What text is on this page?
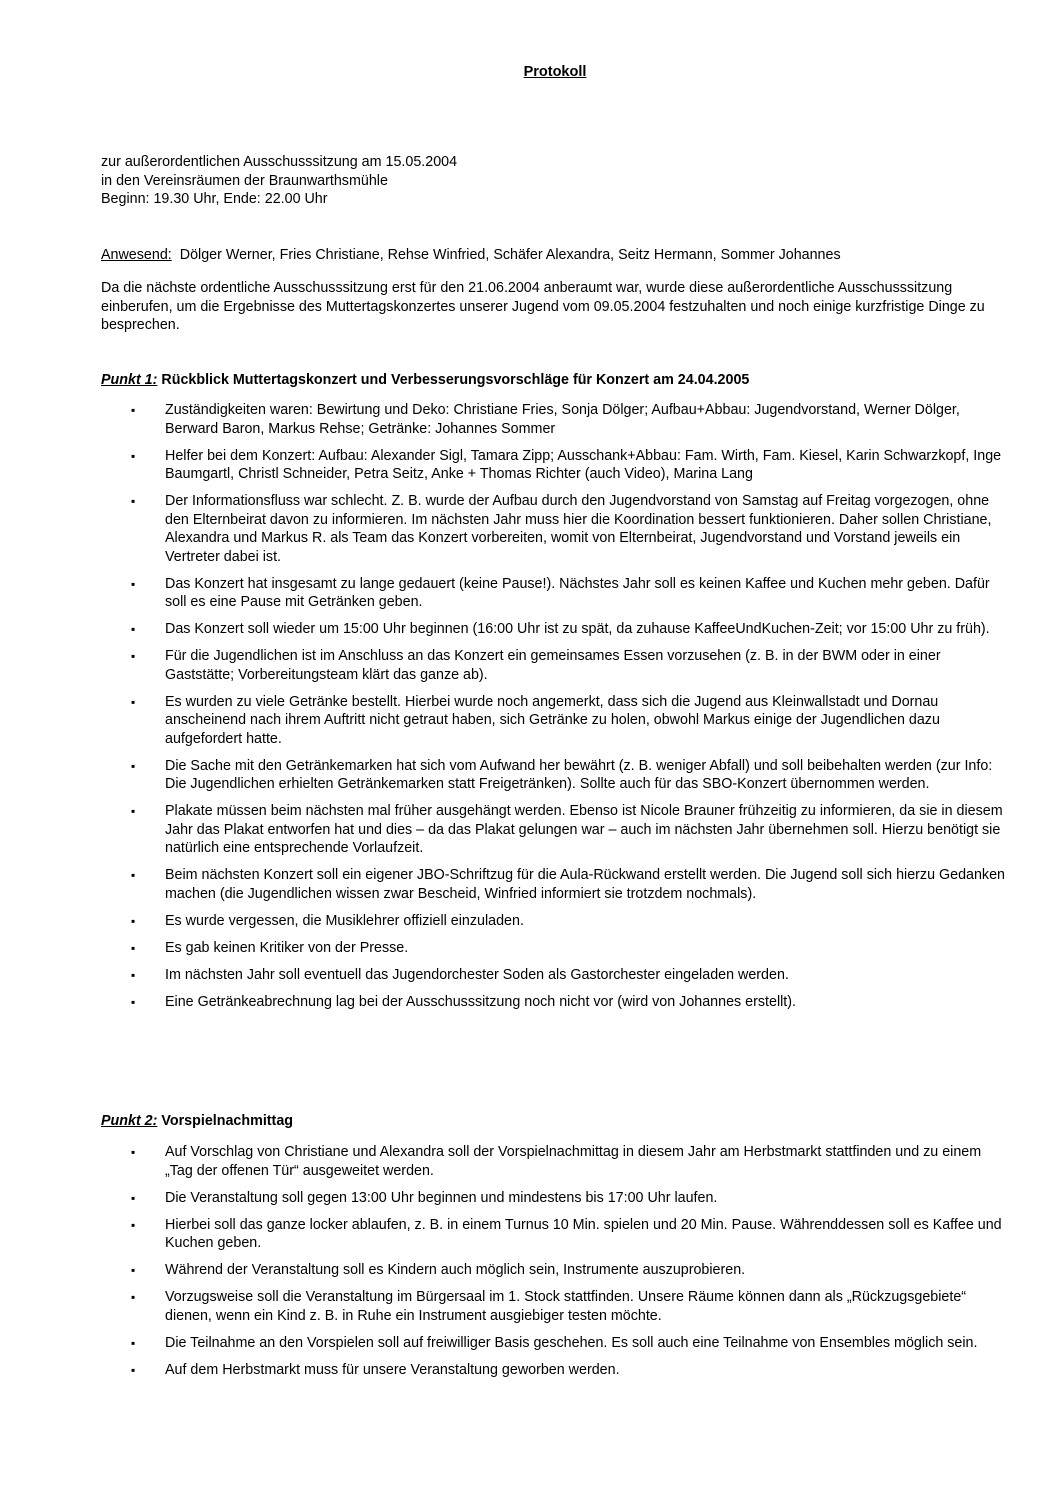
Protokoll
zur außerordentlichen Ausschusssitzung am 15.05.2004
in den Vereinsräumen der Braunwarthsmühle
Beginn: 19.30 Uhr, Ende: 22.00 Uhr
Anwesend: Dölger Werner, Fries Christiane, Rehse Winfried, Schäfer Alexandra, Seitz Hermann, Sommer Johannes
Da die nächste ordentliche Ausschusssitzung erst für den 21.06.2004 anberaumt war, wurde diese außerordentliche Ausschusssitzung einberufen, um die Ergebnisse des Muttertagskonzertes unserer Jugend vom 09.05.2004 festzuhalten und noch einige kurzfristige Dinge zu besprechen.
Punkt 1: Rückblick Muttertagskonzert und Verbesserungsvorschläge für Konzert am 24.04.2005
▪ Zuständigkeiten waren: Bewirtung und Deko: Christiane Fries, Sonja Dölger; Aufbau+Abbau: Jugendvorstand, Werner Dölger, Berward Baron, Markus Rehse; Getränke: Johannes Sommer
▪ Helfer bei dem Konzert: Aufbau: Alexander Sigl, Tamara Zipp; Ausschank+Abbau: Fam. Wirth, Fam. Kiesel, Karin Schwarzkopf, Inge Baumgartl, Christl Schneider, Petra Seitz, Anke + Thomas Richter (auch Video), Marina Lang
▪ Der Informationsfluss war schlecht. Z. B. wurde der Aufbau durch den Jugendvorstand von Samstag auf Freitag vorgezogen, ohne den Elternbeirat davon zu informieren. Im nächsten Jahr muss hier die Koordination bessert funktionieren. Daher sollen Christiane, Alexandra und Markus R. als Team das Konzert vorbereiten, womit von Elternbeirat, Jugendvorstand und Vorstand jeweils ein Vertreter dabei ist.
▪ Das Konzert hat insgesamt zu lange gedauert (keine Pause!). Nächstes Jahr soll es keinen Kaffee und Kuchen mehr geben. Dafür soll es eine Pause mit Getränken geben.
▪ Das Konzert soll wieder um 15:00 Uhr beginnen (16:00 Uhr ist zu spät, da zuhause KaffeeUndKuchen-Zeit; vor 15:00 Uhr zu früh).
▪ Für die Jugendlichen ist im Anschluss an das Konzert ein gemeinsames Essen vorzusehen (z. B. in der BWM oder in einer Gaststätte; Vorbereitungsteam klärt das ganze ab).
▪ Es wurden zu viele Getränke bestellt. Hierbei wurde noch angemerkt, dass sich die Jugend aus Kleinwallstadt und Dornau anscheinend nach ihrem Auftritt nicht getraut haben, sich Getränke zu holen, obwohl Markus einige der Jugendlichen dazu aufgefordert hatte.
▪ Die Sache mit den Getränkemarken hat sich vom Aufwand her bewährt (z. B. weniger Abfall) und soll beibehalten werden (zur Info: Die Jugendlichen erhielten Getränkemarken statt Freigetränken). Sollte auch für das SBO-Konzert übernommen werden.
▪ Plakate müssen beim nächsten mal früher ausgehängt werden. Ebenso ist Nicole Brauner frühzeitig zu informieren, da sie in diesem Jahr das Plakat entworfen hat und dies – da das Plakat gelungen war – auch im nächsten Jahr übernehmen soll. Hierzu benötigt sie natürlich eine entsprechende Vorlaufzeit.
▪ Beim nächsten Konzert soll ein eigener JBO-Schriftzug für die Aula-Rückwand erstellt werden. Die Jugend soll sich hierzu Gedanken machen (die Jugendlichen wissen zwar Bescheid, Winfried informiert sie trotzdem nochmals).
▪ Es wurde vergessen, die Musiklehrer offiziell einzuladen.
▪ Es gab keinen Kritiker von der Presse.
▪ Im nächsten Jahr soll eventuell das Jugendorchester Soden als Gastorchester eingeladen werden.
▪ Eine Getränkeabrechnung lag bei der Ausschusssitzung noch nicht vor (wird von Johannes erstellt).
Punkt 2: Vorspielnachmittag
▪ Auf Vorschlag von Christiane und Alexandra soll der Vorspielnachmittag in diesem Jahr am Herbstmarkt stattfinden und zu einem „Tag der offenen Tür“ ausgeweitet werden.
▪ Die Veranstaltung soll gegen 13:00 Uhr beginnen und mindestens bis 17:00 Uhr laufen.
▪ Hierbei soll das ganze locker ablaufen, z. B. in einem Turnus 10 Min. spielen und 20 Min. Pause. Währenddessen soll es Kaffee und Kuchen geben.
▪ Während der Veranstaltung soll es Kindern auch möglich sein, Instrumente auszuprobieren.
▪ Vorzugsweise soll die Veranstaltung im Bürgersaal im 1. Stock stattfinden. Unsere Räume können dann als „Rückzugsgebiete“ dienen, wenn ein Kind z. B. in Ruhe ein Instrument ausgiebiger testen möchte.
▪ Die Teilnahme an den Vorspielen soll auf freiwilliger Basis geschehen. Es soll auch eine Teilnahme von Ensembles möglich sein.
▪ Auf dem Herbstmarkt muss für unsere Veranstaltung geworben werden.
